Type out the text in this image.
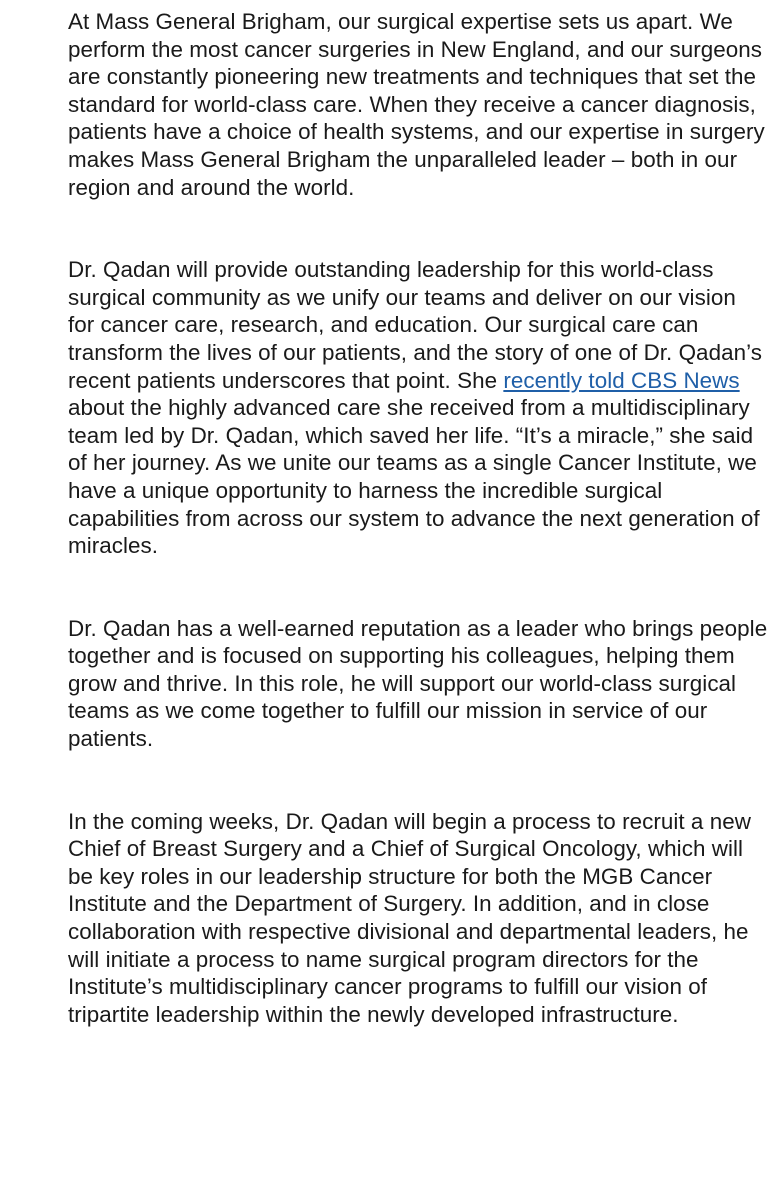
At Mass General Brigham, our surgical expertise sets us apart. We perform the most cancer surgeries in New England, and our surgeons are constantly pioneering new treatments and techniques that set the standard for world-class care. When they receive a cancer diagnosis, patients have a choice of health systems, and our expertise in surgery makes Mass General Brigham the unparalleled leader – both in our region and around the world.

Dr. Qadan will provide outstanding leadership for this world-class surgical community as we unify our teams and deliver on our vision for cancer care, research, and education. Our surgical care can transform the lives of our patients, and the story of one of Dr. Qadan’s recent patients underscores that point. She recently told CBS News about the highly advanced care she received from a multidisciplinary team led by Dr. Qadan, which saved her life. “It’s a miracle,” she said of her journey. As we unite our teams as a single Cancer Institute, we have a unique opportunity to harness the incredible surgical capabilities from across our system to advance the next generation of miracles.

Dr. Qadan has a well-earned reputation as a leader who brings people together and is focused on supporting his colleagues, helping them grow and thrive. In this role, he will support our world-class surgical teams as we come together to fulfill our mission in service of our patients.

In the coming weeks, Dr. Qadan will begin a process to recruit a new Chief of Breast Surgery and a Chief of Surgical Oncology, which will be key roles in our leadership structure for both the MGB Cancer Institute and the Department of Surgery. In addition, and in close collaboration with respective divisional and departmental leaders, he will initiate a process to name surgical program directors for the Institute’s multidisciplinary cancer programs to fulfill our vision of tripartite leadership within the newly developed infrastructure.
